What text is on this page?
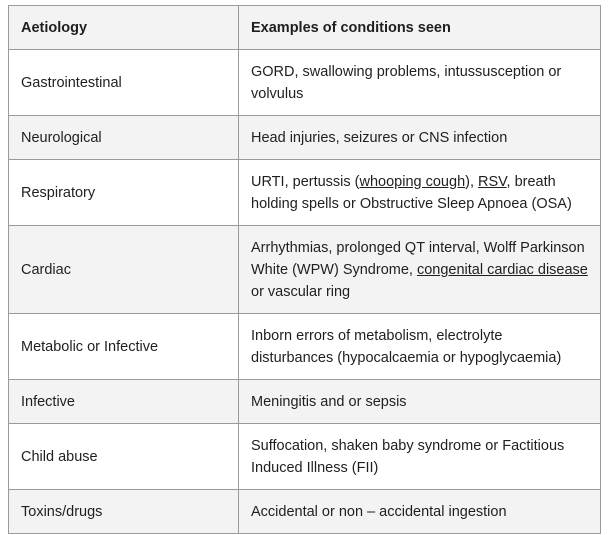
Aetiology	Examples of conditions seen
Gastrointestinal	GORD, swallowing problems, intussusception or volvulus
Neurological	Head injuries, seizures or CNS infection
Respiratory	URTI, pertussis (whooping cough), RSV, breath holding spells or Obstructive Sleep Apnoea (OSA)
Cardiac	Arrhythmias, prolonged QT interval, Wolff Parkinson White (WPW) Syndrome, congenital cardiac disease or vascular ring
Metabolic or Infective	Inborn errors of metabolism, electrolyte disturbances (hypocalcaemia or hypoglycaemia)
Infective	Meningitis and or sepsis
Child abuse	Suffocation, shaken baby syndrome or Factitious Induced Illness (FII)
Toxins/drugs	Accidental or non – accidental ingestion
